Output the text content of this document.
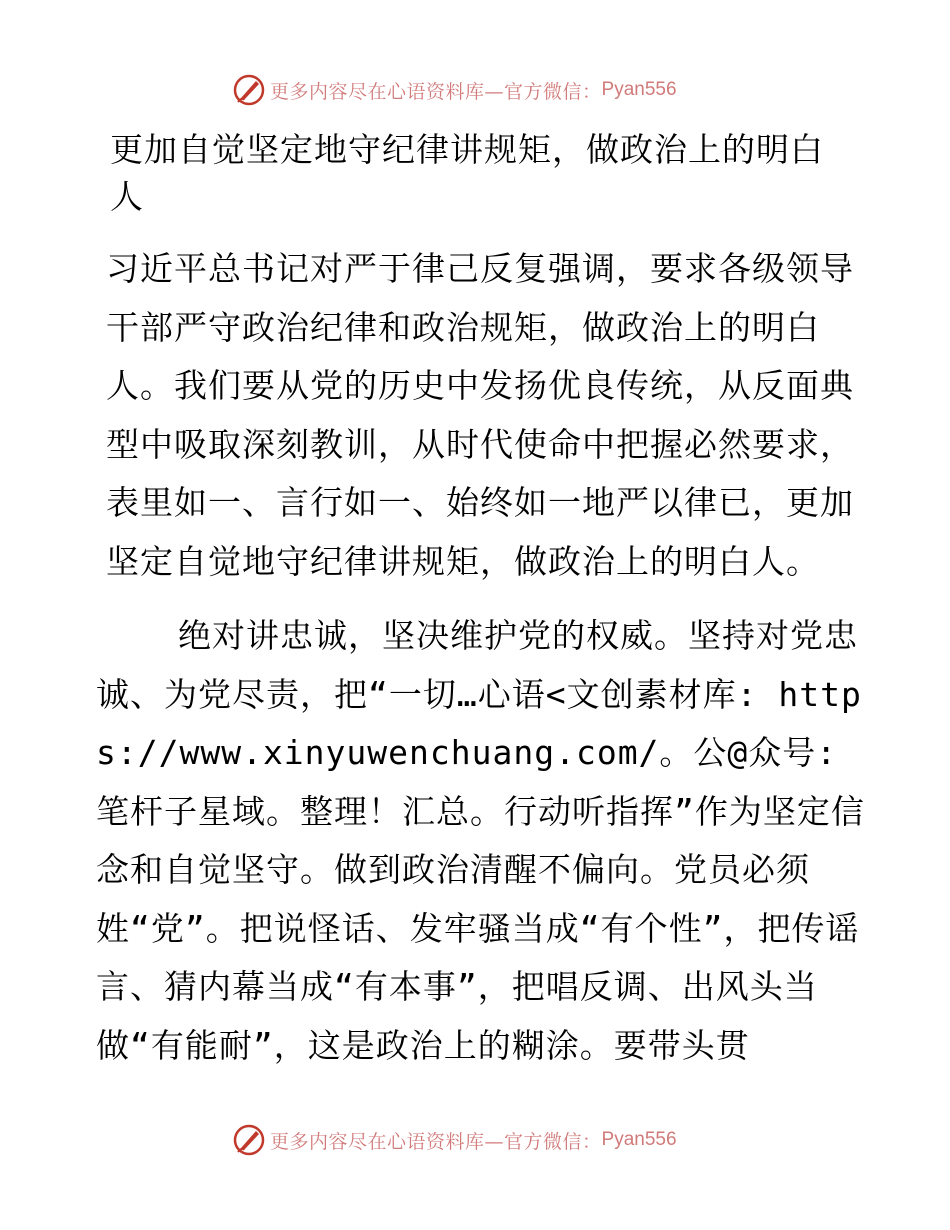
更多内容尽在心语资料库—官方微信： Pyan556
更加自觉坚定地守纪律讲规矩，做政治上的明白人

习近平总书记对严于律己反复强调，要求各级领导干部严守政治纪律和政治规矩，做政治上的明白人。我们要从党的历史中发扬优良传统，从反面典型中吸取深刻教训，从时代使命中把握必然要求，表里如一、言行如一、始终如一地严以律已，更加坚定自觉地守纪律讲规矩，做政治上的明白人。

绝对讲忠诚，坚决维护党的权威。坚持对党忠诚、为党尽责，把“一切…心语<文创素材库: https://www.xinyuwenchuang.com/。公@众号: 笔杆子星域。整理！汇总。行动听指挥”作为坚定信念和自觉坚守。做到政治清醒不偏向。党员必须姓“党”。把说怪话、发牢骚当成“有个性”，把传谣言、猜内幕当成“有本事”，把唱反调、出风头当做“有能耐”，这是政治上的糊涂。要带头贯

更多内容尽在心语资料库—官方微信： Pyan556
